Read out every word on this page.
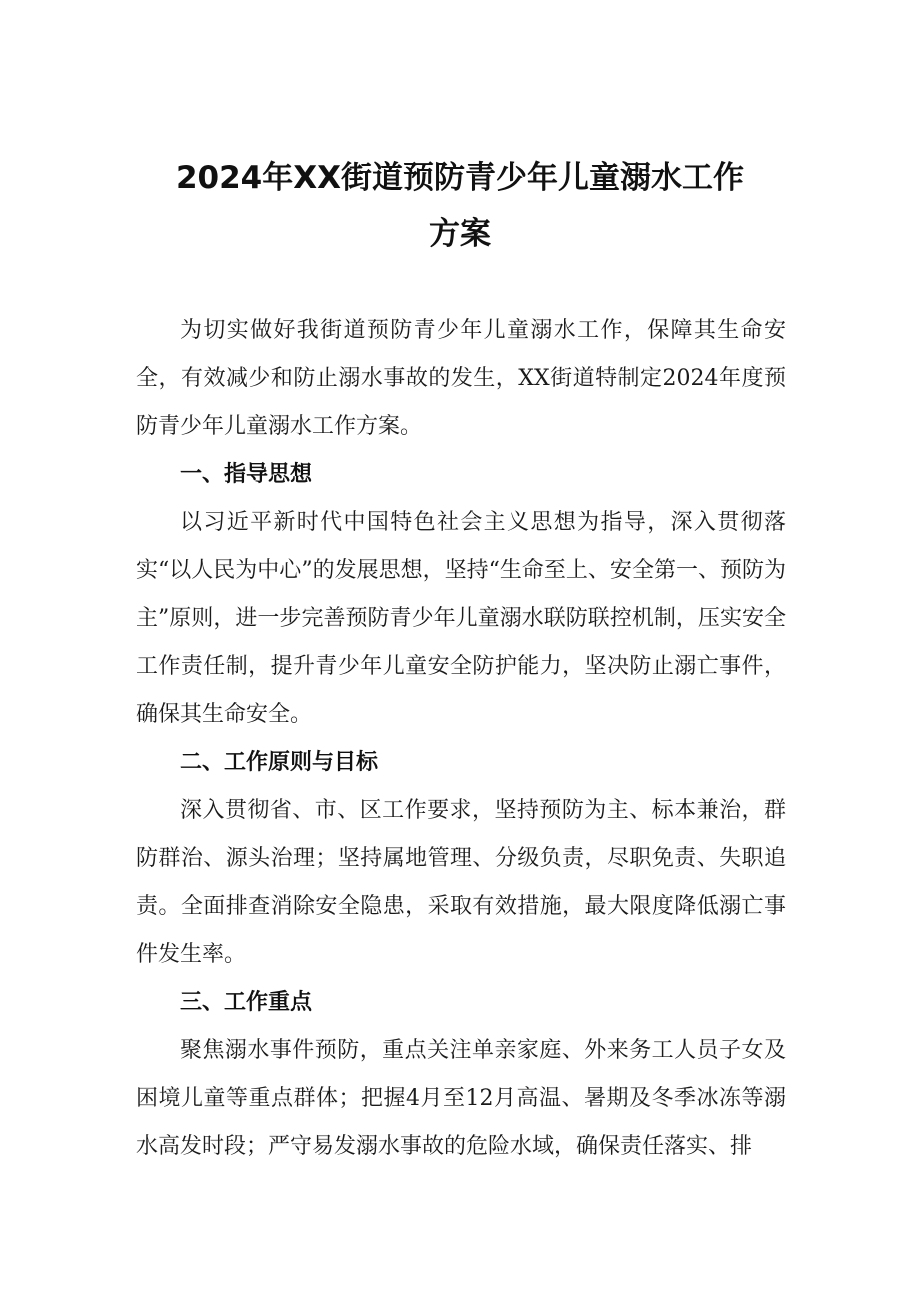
2024年XX街道预防青少年儿童溺水工作
方案

为切实做好我街道预防青少年儿童溺水工作，保障其生命安全，有效减少和防止溺水事故的发生，XX街道特制定2024年度预防青少年儿童溺水工作方案。

一、指导思想

以习近平新时代中国特色社会主义思想为指导，深入贯彻落实“以人民为中心”的发展思想，坚持“生命至上、安全第一、预防为主”原则，进一步完善预防青少年儿童溺水联防联控机制，压实安全工作责任制，提升青少年儿童安全防护能力，坚决防止溺亡事件，确保其生命安全。

二、工作原则与目标

深入贯彻省、市、区工作要求，坚持预防为主、标本兼治，群防群治、源头治理；坚持属地管理、分级负责，尽职免责、失职追责。全面排查消除安全隐患，采取有效措施，最大限度降低溺亡事件发生率。

三、工作重点

聚焦溺水事件预防，重点关注单亲家庭、外来务工人员子女及困境儿童等重点群体；把握4月至12月高温、暑期及冬季冰冻等溺水高发时段；严守易发溺水事故的危险水域，确保责任落实、排
